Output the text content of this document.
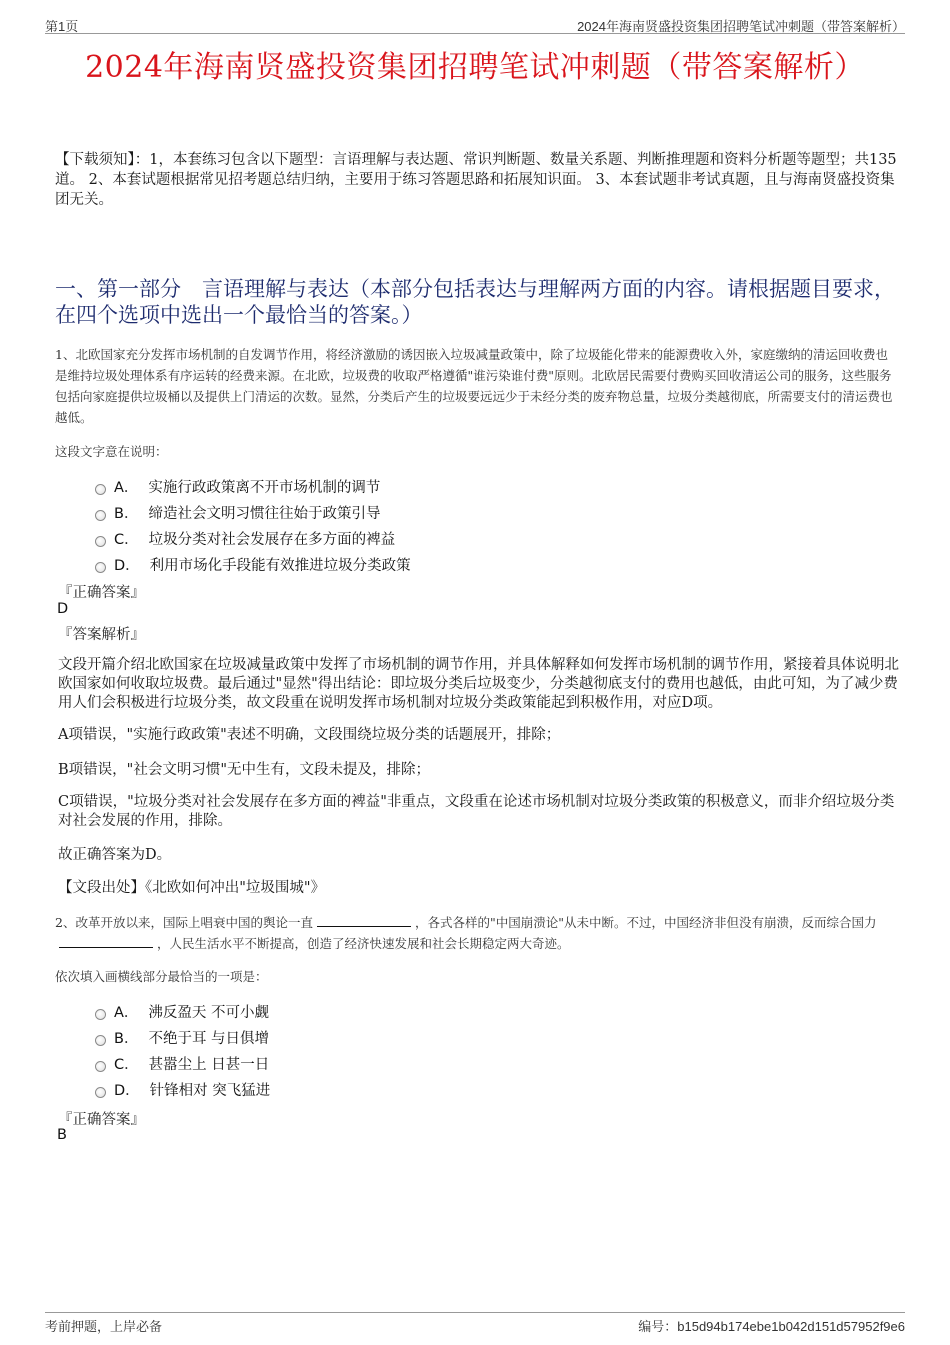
第1页	2024年海南贤盛投资集团招聘笔试冲刺题（带答案解析）
2024年海南贤盛投资集团招聘笔试冲刺题（带答案解析）
【下载须知】：1，本套练习包含以下题型：言语理解与表达题、常识判断题、数量关系题、判断推理题和资料分析题等题型；共135道。 2、本套试题根据常见招考题总结归纳，主要用于练习答题思路和拓展知识面。 3、本套试题非考试真题，且与海南贤盛投资集团无关。
一、第一部分　言语理解与表达（本部分包括表达与理解两方面的内容。请根据题目要求，在四个选项中选出一个最恰当的答案。）
1、北欧国家充分发挥市场机制的自发调节作用，将经济激励的诱因嵌入垃圾减量政策中，除了垃圾能化带来的能源费收入外，家庭缴纳的清运回收费也是维持垃圾处理体系有序运转的经费来源。在北欧，垃圾费的收取严格遵循"谁污染谁付费"原则。北欧居民需要付费购买回收清运公司的服务，这些服务包括向家庭提供垃圾桶以及提供上门清运的次数。显然，分类后产生的垃圾要远远少于未经分类的废弃物总量，垃圾分类越彻底，所需要支付的清运费也越低。
这段文字意在说明：
A． 实施行政政策离不开市场机制的调节
B． 缔造社会文明习惯往往始于政策引导
C． 垃圾分类对社会发展存在多方面的裨益
D． 利用市场化手段能有效推进垃圾分类政策
『正确答案』
D
『答案解析』
文段开篇介绍北欧国家在垃圾减量政策中发挥了市场机制的调节作用，并具体解释如何发挥市场机制的调节作用，紧接着具体说明北欧国家如何收取垃圾费。最后通过"显然"得出结论：即垃圾分类后垃圾变少，分类越彻底支付的费用也越低，由此可知，为了减少费用人们会积极进行垃圾分类，故文段重在说明发挥市场机制对垃圾分类政策能起到积极作用，对应D项。
A项错误，"实施行政政策"表述不明确，文段围绕垃圾分类的话题展开，排除；
B项错误，"社会文明习惯"无中生有，文段未提及，排除；
C项错误，"垃圾分类对社会发展存在多方面的裨益"非重点，文段重在论述市场机制对垃圾分类政策的积极意义，而非介绍垃圾分类对社会发展的作用，排除。
故正确答案为D。
【文段出处】《北欧如何冲出"垃圾围城"》
2、改革开放以来，国际上唱衰中国的舆论一直	，各式各样的"中国崩溃论"从未中断。不过，中国经济非但没有崩溃，反而综合国力，人民生活水平不断提高，创造了经济快速发展和社会长期稳定两大奇迹。
依次填入画横线部分最恰当的一项是：
A． 沸反盈天 不可小觑
B． 不绝于耳 与日俱增
C． 甚嚣尘上 日甚一日
D． 针锋相对 突飞猛进
『正确答案』
B
考前押题，上岸必备	编号：b15d94b174ebe1b042d151d57952f9e6
